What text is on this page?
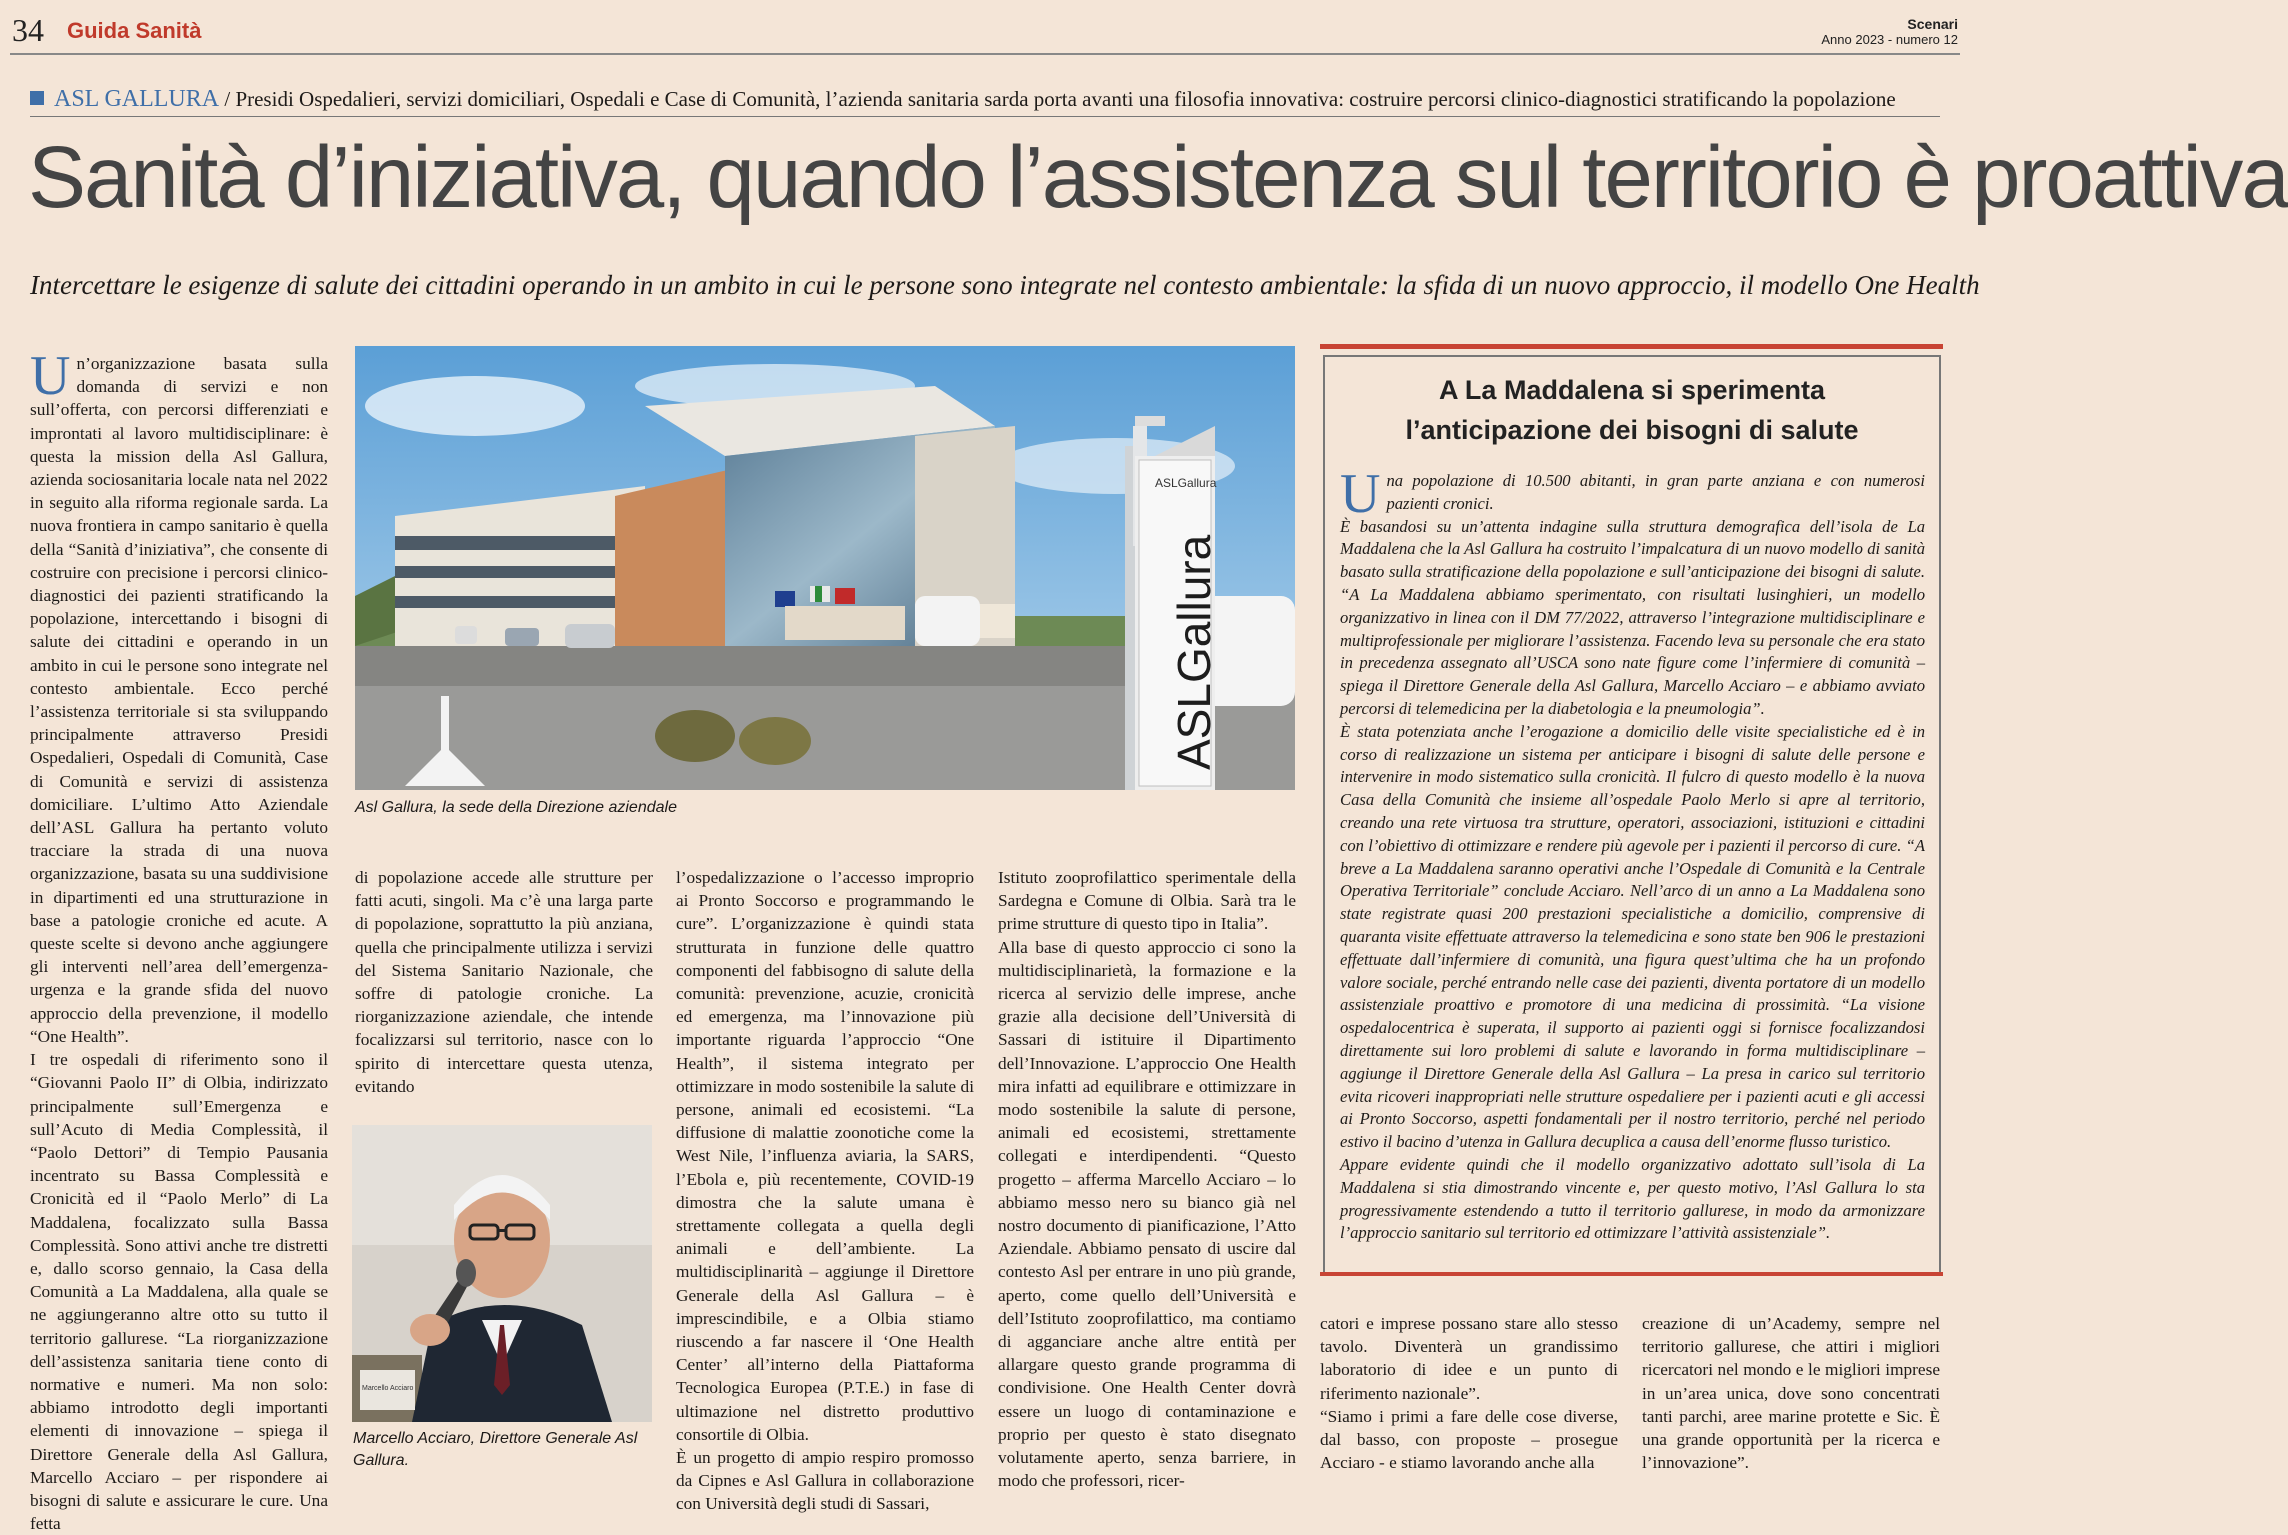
34 Guida Sanità	Scenari
Anno 2023 - numero 12
ASL GALLURA / Presidi Ospedalieri, servizi domiciliari, Ospedali e Case di Comunità, l’azienda sanitaria sarda porta avanti una filosofia innovativa: costruire percorsi clinico-diagnostici stratificando la popolazione
Sanità d’iniziativa, quando l’assistenza sul territorio è proattiva
Intercettare le esigenze di salute dei cittadini operando in un ambito in cui le persone sono integrate nel contesto ambientale: la sfida di un nuovo approccio, il modello One Health

Un’organizzazione basata sulla domanda di servizi e non sull’offerta, con percorsi differenziati e improntati al lavoro multidisciplinare: è questa la mission della Asl Gallura, azienda sociosanitaria locale nata nel 2022 in seguito alla riforma regionale sarda. La nuova frontiera in campo sanitario è quella della “Sanità d’iniziativa”, che consente di costruire con precisione i percorsi clinico-diagnostici dei pazienti stratificando la popolazione, intercettando i bisogni di salute dei cittadini e operando in un ambito in cui le persone sono integrate nel contesto ambientale. Ecco perché l’assistenza territoriale si sta sviluppando principalmente attraverso Presidi Ospedalieri, Ospedali di Comunità, Case di Comunità e servizi di assistenza domiciliare. L’ultimo Atto Aziendale dell’ASL Gallura ha pertanto voluto tracciare la strada di una nuova organizzazione, basata su una suddivisione in dipartimenti ed una strutturazione in base a patologie croniche ed acute. A queste scelte si devono anche aggiungere gli interventi nell’area dell’emergenza-urgenza e la grande sfida del nuovo approccio della prevenzione, il modello “One Health”.

I tre ospedali di riferimento sono il “Giovanni Paolo II” di Olbia, indirizzato principalmente sull’Emergenza e sull’Acuto di Media Complessità, il “Paolo Dettori” di Tempio Pausania incentrato su Bassa Complessità e Cronicità ed il “Paolo Merlo” di La Maddalena, focalizzato sulla Bassa Complessità. Sono attivi anche tre distretti e, dallo scorso gennaio, la Casa della Comunità a La Maddalena, alla quale se ne aggiungeranno altre otto su tutto il territorio gallurese. “La riorganizzazione dell’assistenza sanitaria tiene conto di normative e numeri. Ma non solo: abbiamo introdotto degli importanti elementi di innovazione – spiega il Direttore Generale della Asl Gallura, Marcello Acciaro – per rispondere ai bisogni di salute e assicurare le cure. Una fetta

ASLGallura
ASLGallura
Asl Gallura, la sede della Direzione aziendale

di popolazione accede alle strutture per fatti acuti, singoli. Ma c’è una larga parte di popolazione, soprattutto la più anziana, quella che principalmente utilizza i servizi del Sistema Sanitario Nazionale, che soffre di patologie croniche. La riorganizzazione aziendale, che intende focalizzarsi sul territorio, nasce con lo spirito di intercettare questa utenza, evitando

Marcello Acciaro
Marcello Acciaro, Direttore Generale Asl Gallura.

l’ospedalizzazione o l’accesso improprio ai Pronto Soccorso e programmando le cure”. L’organizzazione è quindi stata strutturata in funzione delle quattro componenti del fabbisogno di salute della comunità: prevenzione, acuzie, cronicità ed emergenza, ma l’innovazione più importante riguarda l’approccio “One Health”, il sistema integrato per ottimizzare in modo sostenibile la salute di persone, animali ed ecosistemi. “La diffusione di malattie zoonotiche come la West Nile, l’influenza aviaria, la SARS, l’Ebola e, più recentemente, COVID-19 dimostra che la salute umana è strettamente collegata a quella degli animali e dell’ambiente. La multidisciplinarità – aggiunge il Direttore Generale della Asl Gallura – è imprescindibile, e a Olbia stiamo riuscendo a far nascere il ‘One Health Center’ all’interno della Piattaforma Tecnologica Europea (P.T.E.) in fase di ultimazione nel distretto produttivo consortile di Olbia.

È un progetto di ampio respiro promosso da Cipnes e Asl Gallura in collaborazione con Università degli studi di Sassari,

Istituto zooprofilattico sperimentale della Sardegna e Comune di Olbia. Sarà tra le prime strutture di questo tipo in Italia”.

Alla base di questo approccio ci sono la multidisciplinarietà, la formazione e la ricerca al servizio delle imprese, anche grazie alla decisione dell’Università di Sassari di istituire il Dipartimento dell’Innovazione. L’approccio One Health mira infatti ad equilibrare e ottimizzare in modo sostenibile la salute di persone, animali ed ecosistemi, strettamente collegati e interdipendenti. “Questo progetto – afferma Marcello Acciaro – lo abbiamo messo nero su bianco già nel nostro documento di pianificazione, l’Atto Aziendale. Abbiamo pensato di uscire dal contesto Asl per entrare in uno più grande, aperto, come quello dell’Università e dell’Istituto zooprofilattico, ma contiamo di agganciare anche altre entità per allargare questo grande programma di condivisione. One Health Center dovrà essere un luogo di contaminazione e proprio per questo è stato disegnato volutamente aperto, senza barriere, in modo che professori, ricer-

A La Maddalena si sperimenta
l’anticipazione dei bisogni di salute

Una popolazione di 10.500 abitanti, in gran parte anziana e con numerosi pazienti cronici.

È basandosi su un’attenta indagine sulla struttura demografica dell’isola de La Maddalena che la Asl Gallura ha costruito l’impalcatura di un nuovo modello di sanità basato sulla stratificazione della popolazione e sull’anticipazione dei bisogni di salute. “A La Maddalena abbiamo sperimentato, con risultati lusinghieri, un modello organizzativo in linea con il DM 77/2022, attraverso l’integrazione multidisciplinare e multiprofessionale per migliorare l’assistenza. Facendo leva su personale che era stato in precedenza assegnato all’USCA sono nate figure come l’infermiere di comunità – spiega il Direttore Generale della Asl Gallura, Marcello Acciaro – e abbiamo avviato percorsi di telemedicina per la diabetologia e la pneumologia”.

È stata potenziata anche l’erogazione a domicilio delle visite specialistiche ed è in corso di realizzazione un sistema per anticipare i bisogni di salute delle persone e intervenire in modo sistematico sulla cronicità. Il fulcro di questo modello è la nuova Casa della Comunità che insieme all’ospedale Paolo Merlo si apre al territorio, creando una rete virtuosa tra strutture, operatori, associazioni, istituzioni e cittadini con l’obiettivo di ottimizzare e rendere più agevole per i pazienti il percorso di cure. “A breve a La Maddalena saranno operativi anche l’Ospedale di Comunità e la Centrale Operativa Territoriale” conclude Acciaro. Nell’arco di un anno a La Maddalena sono state registrate quasi 200 prestazioni specialistiche a domicilio, comprensive di quaranta visite effettuate attraverso la telemedicina e sono state ben 906 le prestazioni effettuate dall’infermiere di comunità, una figura quest’ultima che ha un profondo valore sociale, perché entrando nelle case dei pazienti, diventa portatore di un modello assistenziale proattivo e promotore di una medicina di prossimità. “La visione ospedalocentrica è superata, il supporto ai pazienti oggi si fornisce focalizzandosi direttamente sui loro problemi di salute e lavorando in forma multidisciplinare – aggiunge il Direttore Generale della Asl Gallura – La presa in carico sul territorio evita ricoveri inappropriati nelle strutture ospedaliere per i pazienti acuti e gli accessi ai Pronto Soccorso, aspetti fondamentali per il nostro territorio, perché nel periodo estivo il bacino d’utenza in Gallura decuplica a causa dell’enorme flusso turistico.

Appare evidente quindi che il modello organizzativo adottato sull’isola di La Maddalena si stia dimostrando vincente e, per questo motivo, l’Asl Gallura lo sta progressivamente estendendo a tutto il territorio gallurese, in modo da armonizzare l’approccio sanitario sul territorio ed ottimizzare l’attività assistenziale”.

catori e imprese possano stare allo stesso tavolo. Diventerà un grandissimo laboratorio di idee e un punto di riferimento nazionale”.

“Siamo i primi a fare delle cose diverse, dal basso, con proposte – prosegue Acciaro - e stiamo lavorando anche alla

creazione di un’Academy, sempre nel territorio gallurese, che attiri i migliori ricercatori nel mondo e le migliori imprese in un’area unica, dove sono concentrati tanti parchi, aree marine protette e Sic. È una grande opportunità per la ricerca e l’innovazione”.
